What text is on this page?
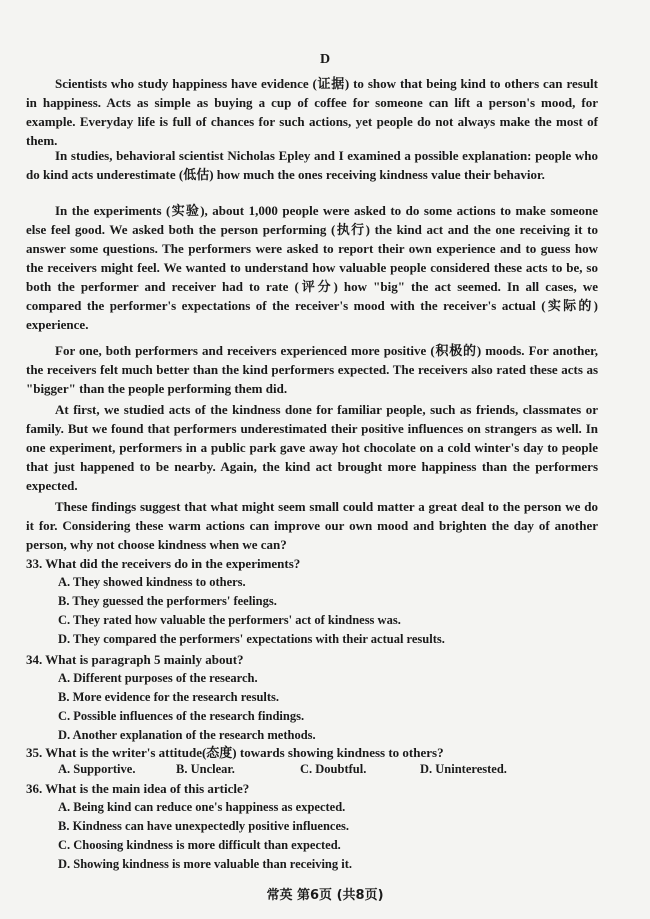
D
Scientists who study happiness have evidence (证据) to show that being kind to others can result in happiness. Acts as simple as buying a cup of coffee for someone can lift a person's mood, for example. Everyday life is full of chances for such actions, yet people do not always make the most of them.
In studies, behavioral scientist Nicholas Epley and I examined a possible explanation: people who do kind acts underestimate (低估) how much the ones receiving kindness value their behavior.
In the experiments (实验), about 1,000 people were asked to do some actions to make someone else feel good. We asked both the person performing (执行) the kind act and the one receiving it to answer some questions. The performers were asked to report their own experience and to guess how the receivers might feel. We wanted to understand how valuable people considered these acts to be, so both the performer and receiver had to rate (评分) how "big" the act seemed. In all cases, we compared the performer's expectations of the receiver's mood with the receiver's actual (实际的) experience.
For one, both performers and receivers experienced more positive (积极的) moods. For another, the receivers felt much better than the kind performers expected. The receivers also rated these acts as "bigger" than the people performing them did.
At first, we studied acts of the kindness done for familiar people, such as friends, classmates or family. But we found that performers underestimated their positive influences on strangers as well. In one experiment, performers in a public park gave away hot chocolate on a cold winter's day to people that just happened to be nearby. Again, the kind act brought more happiness than the performers expected.
These findings suggest that what might seem small could matter a great deal to the person we do it for. Considering these warm actions can improve our own mood and brighten the day of another person, why not choose kindness when we can?
33. What did the receivers do in the experiments?
A. They showed kindness to others.
B. They guessed the performers' feelings.
C. They rated how valuable the performers' act of kindness was.
D. They compared the performers' expectations with their actual results.
34. What is paragraph 5 mainly about?
A. Different purposes of the research.
B. More evidence for the research results.
C. Possible influences of the research findings.
D. Another explanation of the research methods.
35. What is the writer's attitude(态度) towards showing kindness to others?
A. Supportive.	B. Unclear.	C. Doubtful.	D. Uninterested.
36. What is the main idea of this article?
A. Being kind can reduce one's happiness as expected.
B. Kindness can have unexpectedly positive influences.
C. Choosing kindness is more difficult than expected.
D. Showing kindness is more valuable than receiving it.
常英 第6页 (共8页)
